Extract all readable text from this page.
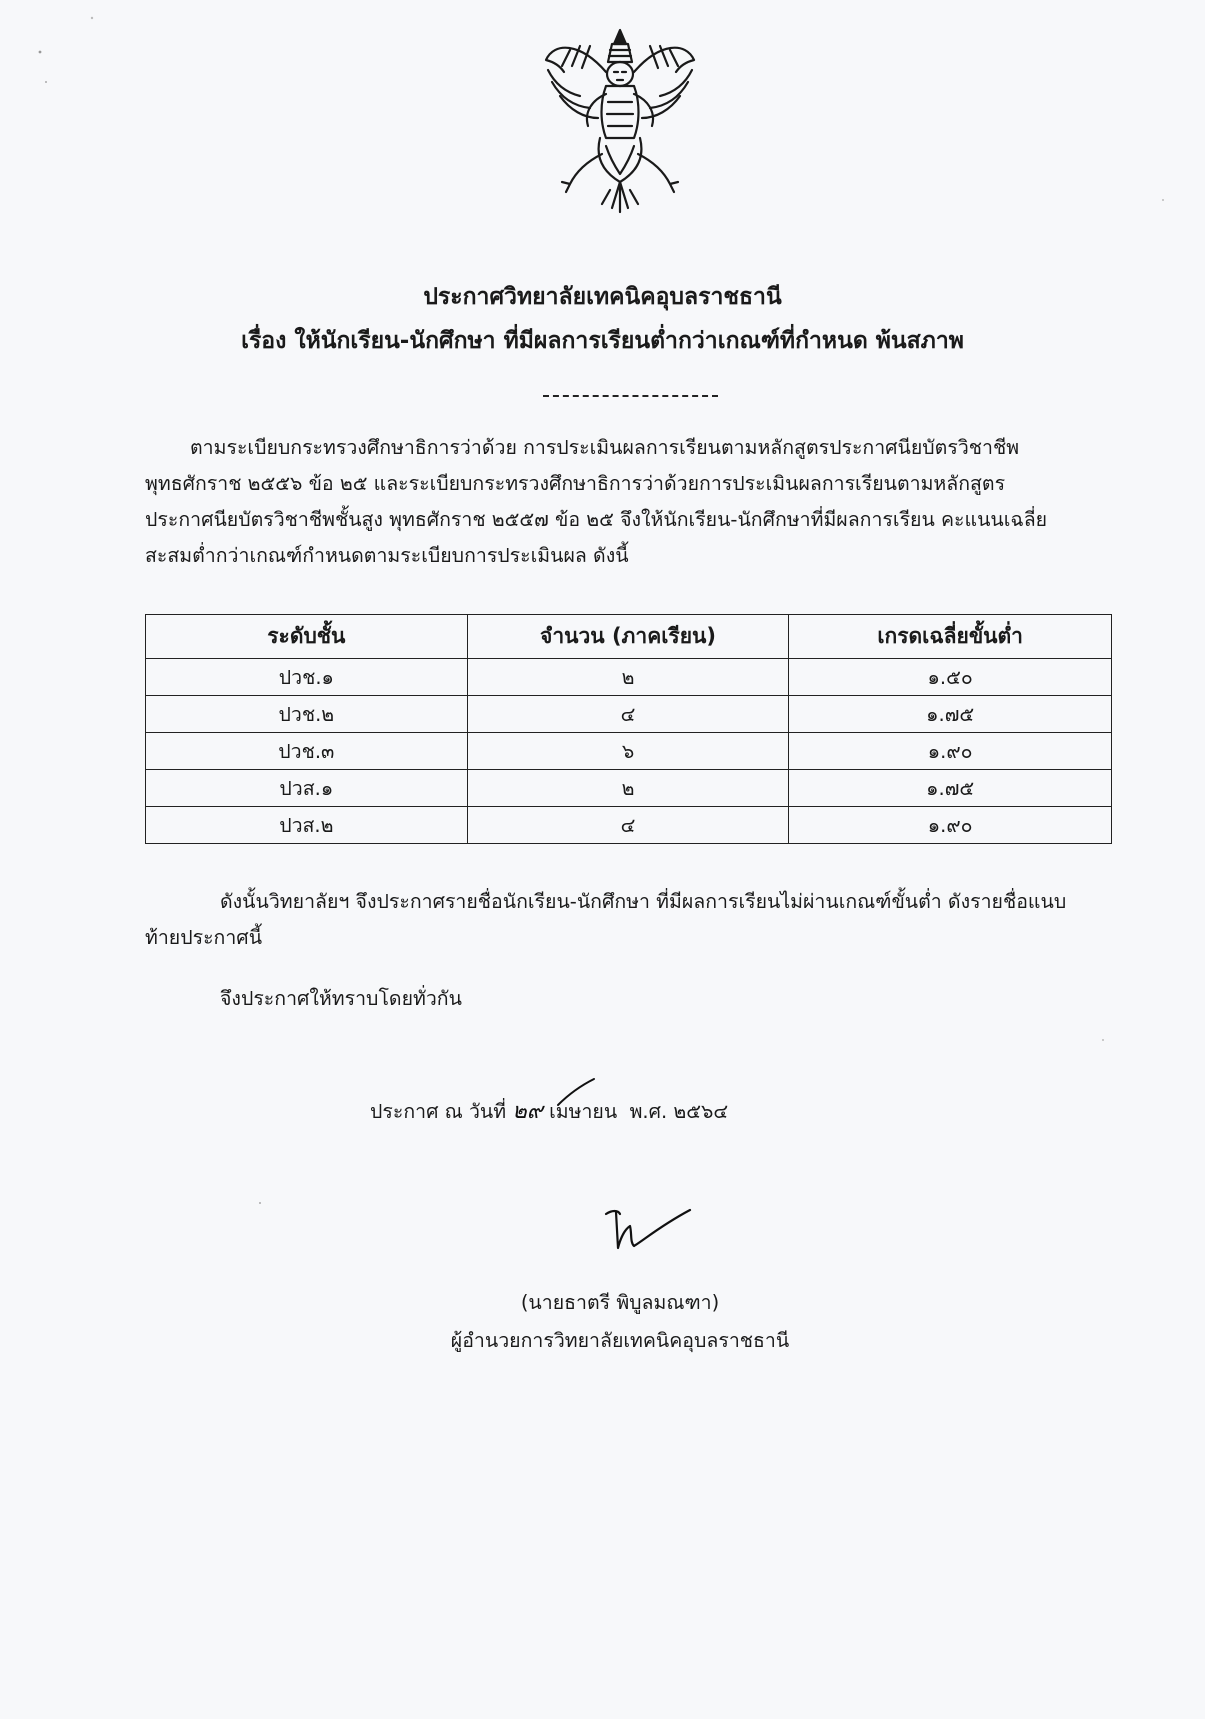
ประกาศวิทยาลัยเทคนิคอุบลราชธานี
เรื่อง ให้นักเรียน-นักศึกษา ที่มีผลการเรียนต่ำกว่าเกณฑ์ที่กำหนด พ้นสภาพ

ตามระเบียบกระทรวงศึกษาธิการว่าด้วย การประเมินผลการเรียนตามหลักสูตรประกาศนียบัตรวิชาชีพ พุทธศักราช ๒๕๕๖ ข้อ ๒๕ และระเบียบกระทรวงศึกษาธิการว่าด้วยการประเมินผลการเรียนตามหลักสูตร ประกาศนียบัตรวิชาชีพชั้นสูง พุทธศักราช ๒๕๕๗ ข้อ ๒๕ จึงให้นักเรียน-นักศึกษาที่มีผลการเรียน คะแนนเฉลี่ยสะสมต่ำกว่าเกณฑ์กำหนดตามระเบียบการประเมินผล ดังนี้

ระดับชั้น	จำนวน (ภาคเรียน)	เกรดเฉลี่ยขั้นต่ำ
ปวช.๑	๒	๑.๕๐
ปวช.๒	๔	๑.๗๕
ปวช.๓	๖	๑.๙๐
ปวส.๑	๒	๑.๗๕
ปวส.๒	๔	๑.๙๐

ดังนั้นวิทยาลัยฯ จึงประกาศรายชื่อนักเรียน-นักศึกษา ที่มีผลการเรียนไม่ผ่านเกณฑ์ขั้นต่ำ ดังรายชื่อแนบท้ายประกาศนี้

จึงประกาศให้ทราบโดยทั่วกัน

ประกาศ ณ วันที่ ๒๙ เมษายน  พ.ศ. ๒๕๖๔
(นายธาตรี พิบูลมณฑา)
ผู้อำนวยการวิทยาลัยเทคนิคอุบลราชธานี
